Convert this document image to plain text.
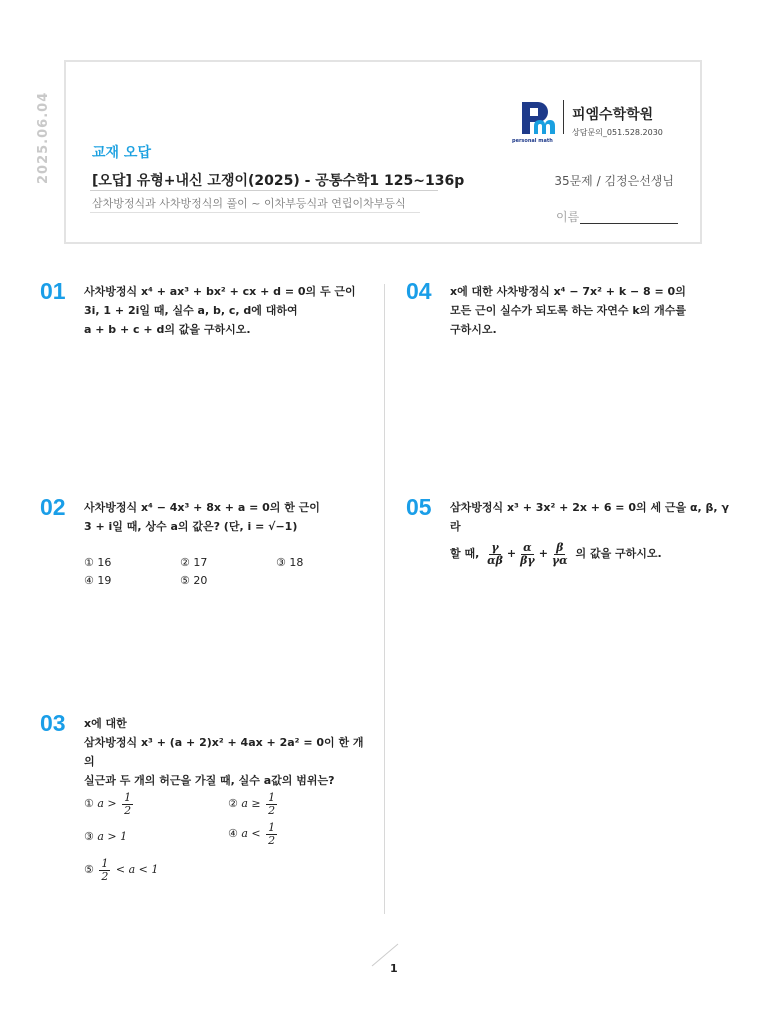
2025.06.04	교재 오답
[오답] 유형+내신 고쟁이(2025) - 공통수학1 125~136p
삼차방정식과 사차방정식의 풀이 ~ 이차부등식과 연립이차부등식
personal math
피엠수학학원
상담문의_051.528.2030
35문제 / 김정은선생님
이름
01 사차방정식 x⁴ + ax³ + bx² + cx + d = 0의 두 근이
3i, 1 + 2i일 때, 실수 a, b, c, d에 대하여
a + b + c + d의 값을 구하시오.
02 사차방정식 x⁴ − 4x³ + 8x + a = 0의 한 근이
3 + i일 때, 상수 a의 값은? (단, i = √−1)
① 16	② 17	③ 18
④ 19	⑤ 20
03 x에 대한
삼차방정식 x³ + (a + 2)x² + 4ax + 2a² = 0이 한 개의
실근과 두 개의 허근을 가질 때, 실수 a값의 범위는?
① $a > \frac{1}{2}$	② $a \ge \frac{1}{2}$
③ a > 1	④ $a < \frac{1}{2}$
⑤ $\frac{1}{2} < a < 1$
04 x에 대한 사차방정식 x⁴ − 7x² + k − 8 = 0의
모든 근이 실수가 되도록 하는 자연수 k의 개수를
구하시오.
05 삼차방정식 x³ + 3x² + 2x + 6 = 0의 세 근을 α, β, γ라
할 때, $\frac{\gamma}{\alpha\beta} + \frac{\alpha}{\beta\gamma} + \frac{\beta}{\gamma\alpha}$ 의 값을 구하시오.
1
